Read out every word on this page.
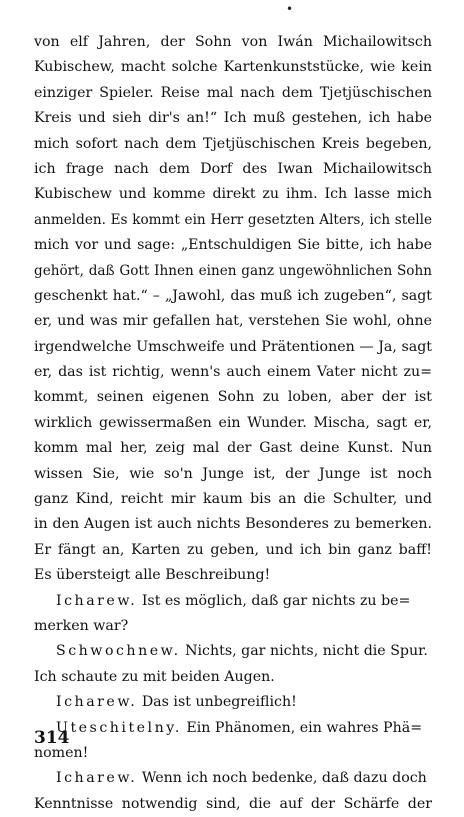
•
von elf Jahren, der Sohn von Iwán Michailowitsch
Kubischew, macht solche Kartenkunststücke, wie kein
einziger Spieler. Reise mal nach dem Tjetjüschischen
Kreis und sieh dir's an!“ Ich muß gestehen, ich habe
mich sofort nach dem Tjetjüschischen Kreis begeben,
ich frage nach dem Dorf des Iwan Michailowitsch
Kubischew und komme direkt zu ihm. Ich lasse mich
anmelden. Es kommt ein Herr gesetzten Alters, ich stelle
mich vor und sage: „Entschuldigen Sie bitte, ich habe
gehört, daß Gott Ihnen einen ganz ungewöhnlichen Sohn
geschenkt hat.“ – „Jawohl, das muß ich zugeben“, sagt
er, und was mir gefallen hat, verstehen Sie wohl, ohne
irgendwelche Umschweife und Prätentionen — Ja, sagt
er, das ist richtig, wenn's auch einem Vater nicht zu=
kommt, seinen eigenen Sohn zu loben, aber der ist
wirklich gewissermaßen ein Wunder. Mischa, sagt er,
komm mal her, zeig mal der Gast deine Kunst. Nun
wissen Sie, wie so'n Junge ist, der Junge ist noch
ganz Kind, reicht mir kaum bis an die Schulter, und
in den Augen ist auch nichts Besonderes zu bemerken.
Er fängt an, Karten zu geben, und ich bin ganz baff!
Es übersteigt alle Beschreibung!
Icharew. Ist es möglich, daß gar nichts zu be=
merken war?
Schwochnew. Nichts, gar nichts, nicht die Spur.
Ich schaute zu mit beiden Augen.
Icharew. Das ist unbegreiflich!
Uteschitelny. Ein Phänomen, ein wahres Phä=
nomen!
Icharew. Wenn ich noch bedenke, daß dazu doch
Kenntnisse notwendig sind, die auf der Schärfe der
314
